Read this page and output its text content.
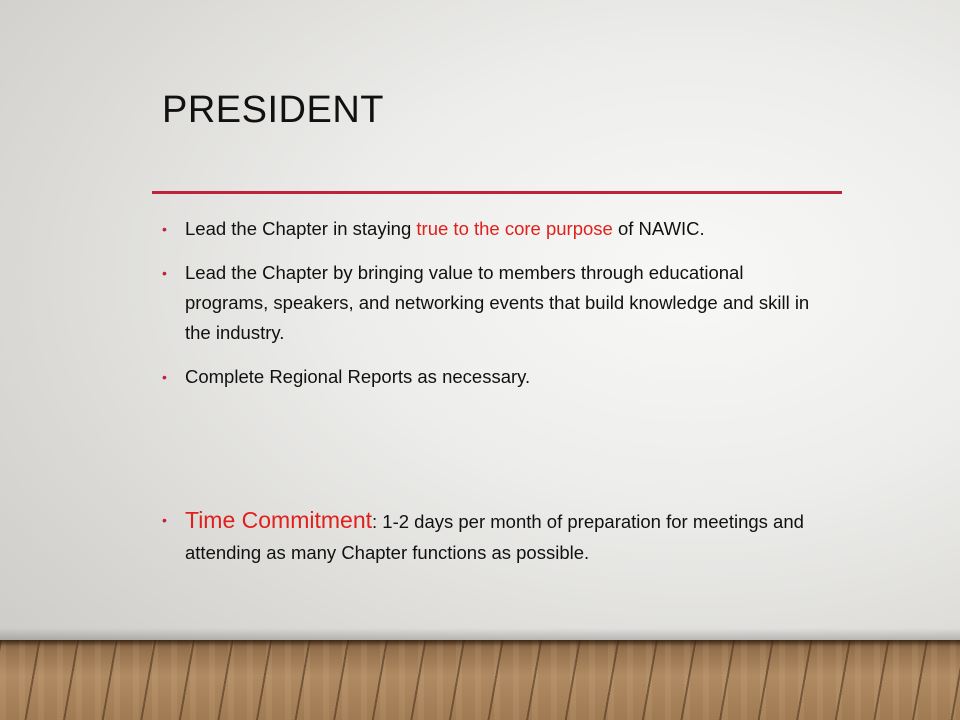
PRESIDENT
• Lead the Chapter in staying true to the core purpose of NAWIC.
• Lead the Chapter by bringing value to members through educational programs, speakers, and networking events that build knowledge and skill in the industry.
• Complete Regional Reports as necessary.
• Time Commitment: 1-2 days per month of preparation for meetings and attending as many Chapter functions as possible.
